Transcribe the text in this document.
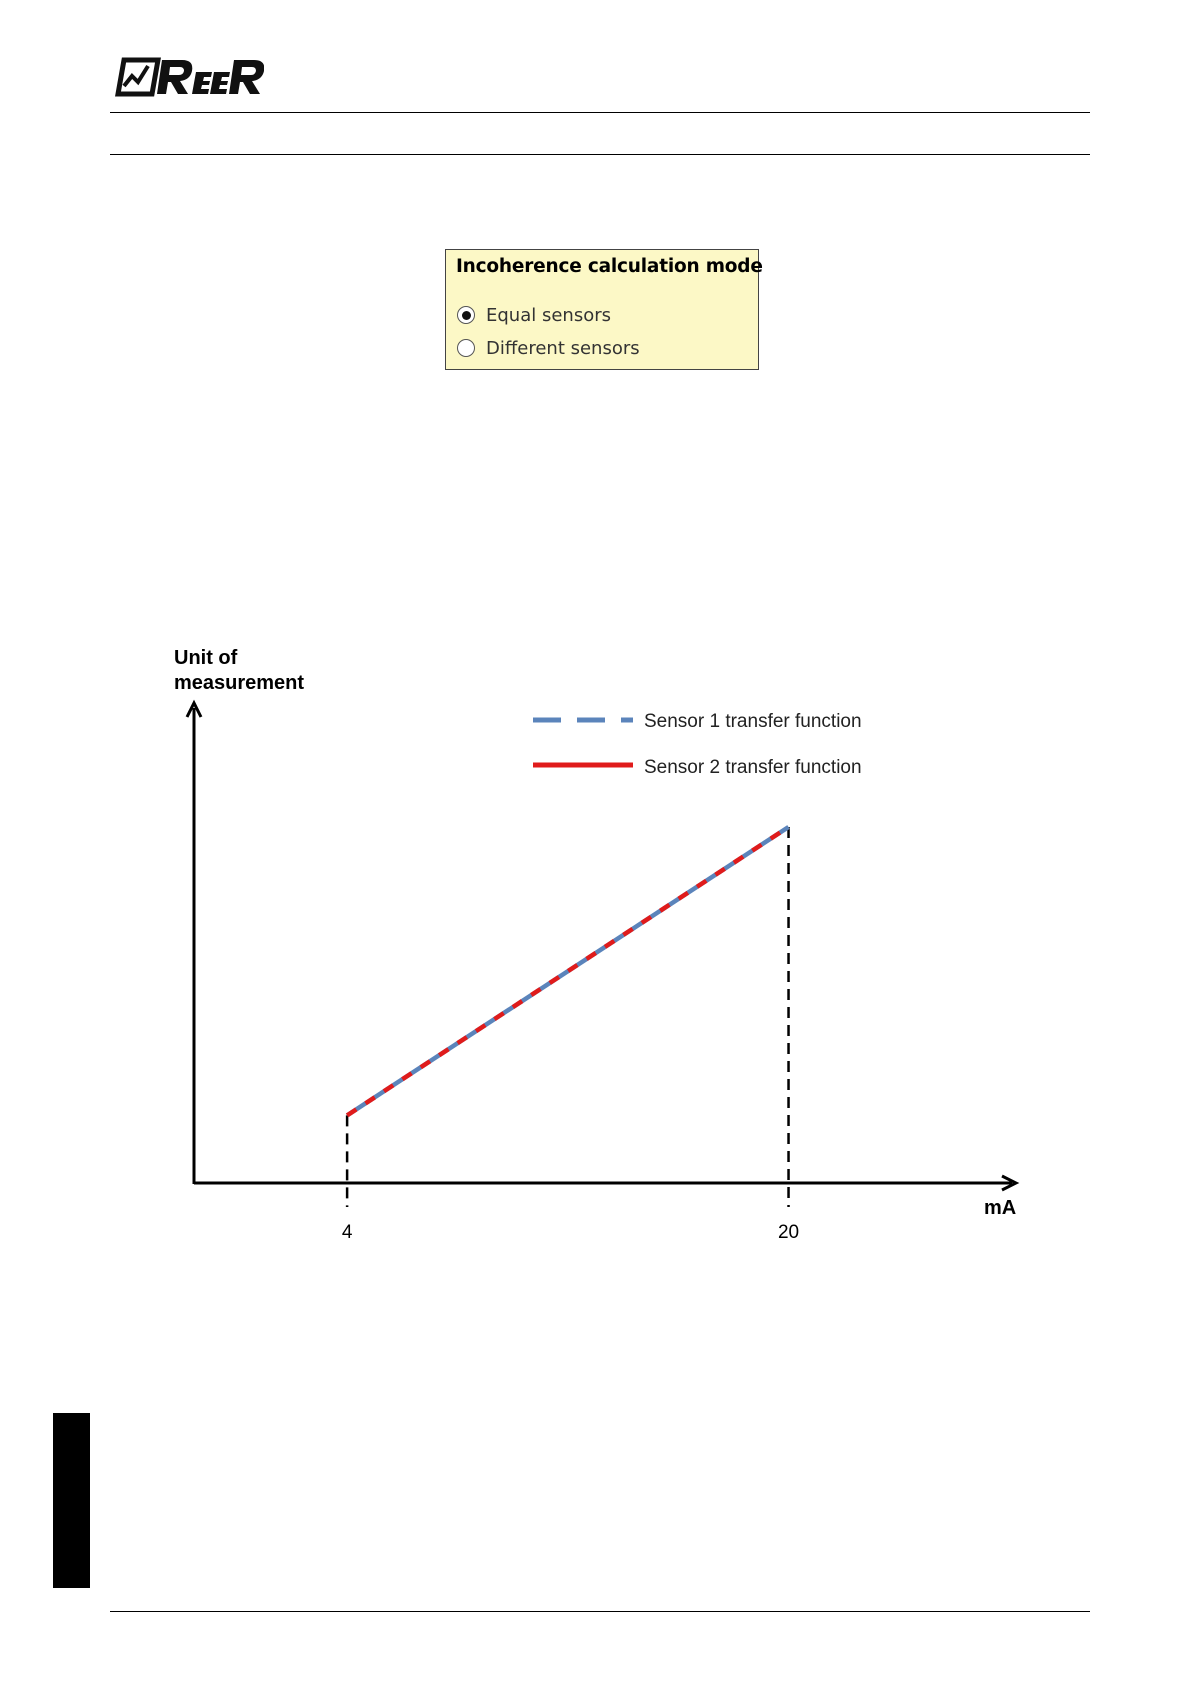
Incoherence calculation mode
Equal sensors
Different sensors
Unit of
measurement
mA
4	20
Sensor 1 transfer function
Sensor 2 transfer function
